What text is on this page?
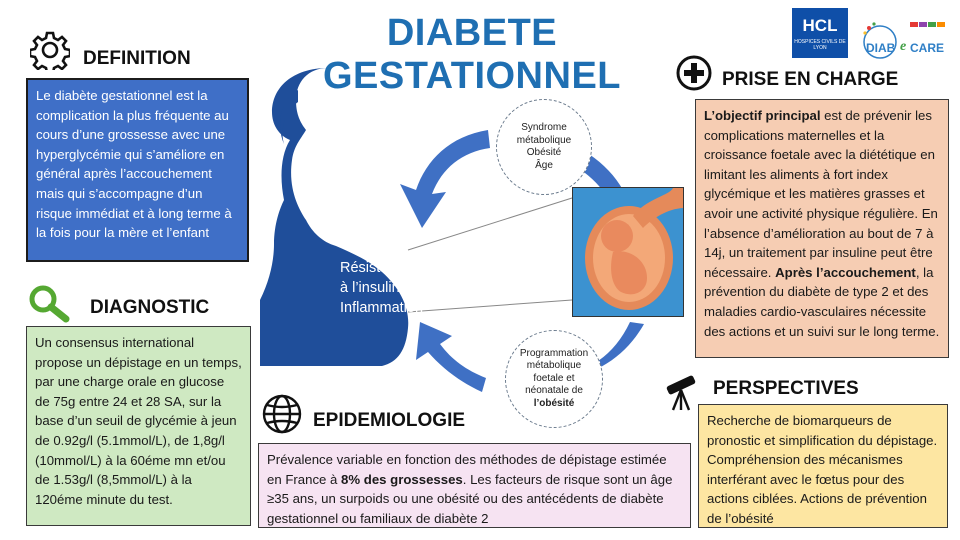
DIABETE GESTATIONNEL
HCL
HOSPICES CIVILS DE LYON	DIAB e CARE
DEFINITION
Le diabète gestationnel est la complication la plus fréquente au cours d’une grossesse avec une hyperglycémie qui s’améliore en général après l’accouchement mais qui s’accompagne d’un risque immédiat et à long terme à la fois pour la mère et l’enfant
DIAGNOSTIC
Un consensus international propose un dépistage en un temps, par une charge orale en glucose de 75g entre 24 et 28 SA, sur la base d’un seuil de glycémie à jeun de 0.92g/l (5.1mmol/L), de 1,8g/l (10mmol/L) à la 60éme mn et/ou de 1.53g/l (8,5mmol/L) à la 120éme minute du test.
EPIDEMIOLOGIE
Prévalence variable en fonction des méthodes de dépistage estimée en France à 8% des grossesses. Les facteurs de risque sont un âge ≥35 ans, un surpoids ou une obésité ou des antécédents de diabète gestationnel ou familiaux de diabète 2
PRISE EN CHARGE
L’objectif principal est de prévenir les complications maternelles et la croissance foetale avec la diététique en limitant les aliments à fort index glycémique et les matières grasses et avoir une activité physique régulière. En l’absence d’amélioration au bout de 7 à 14j, un traitement par insuline peut être nécessaire. Après l’accouchement, la prévention du diabète de type 2 et des maladies cardio-vasculaires nécessite des actions et un suivi sur le long terme.
PERSPECTIVES
Recherche de biomarqueurs de pronostic et simplification du dépistage. Compréhension des mécanismes interférant avec le fœtus pour des actions ciblées. Actions de prévention de l’obésité
Syndrome
métabolique
Obésité
Âge
Programmation
métabolique
foetale et
néonatale de
l’obésité
Résistance
à l’insuline et
Inflammation
